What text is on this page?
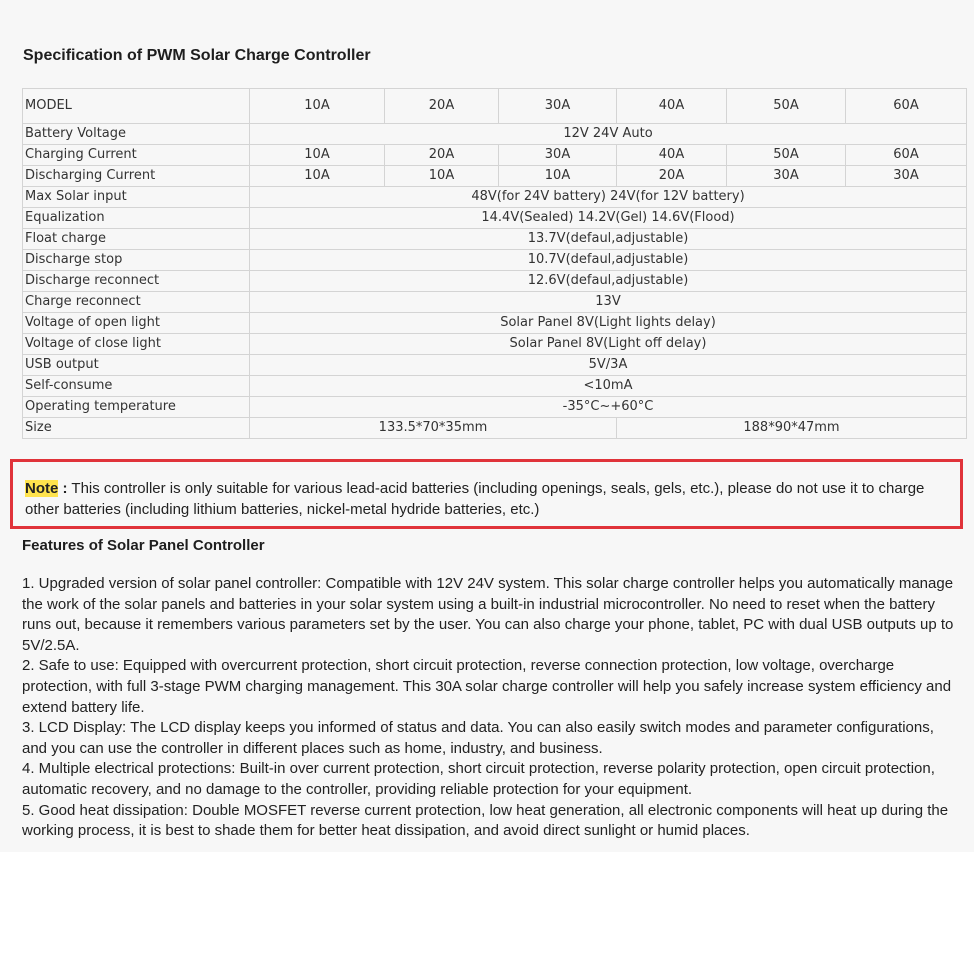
Specification of PWM Solar Charge Controller
MODEL	10A	20A	30A	40A	50A	60A
Battery Voltage	12V 24V Auto					
Charging Current	10A	20A	30A	40A	50A	60A
Discharging Current	10A	10A	10A	20A	30A	30A
Max Solar input	48V(for 24V battery) 24V(for 12V battery)					
Equalization	14.4V(Sealed) 14.2V(Gel) 14.6V(Flood)					
Float charge	13.7V(defaul,adjustable)					
Discharge stop	10.7V(defaul,adjustable)					
Discharge reconnect	12.6V(defaul,adjustable)					
Charge reconnect	13V					
Voltage of open light	Solar Panel 8V(Light lights delay)					
Voltage of close light	Solar Panel 8V(Light off delay)					
USB output	5V/3A					
Self-consume	<10mA					
Operating temperature	-35°C~+60°C					
Size	133.5*70*35mm			188*90*47mm		
Note : This controller is only suitable for various lead-acid batteries (including openings, seals, gels, etc.), please do not use it to charge other batteries (including lithium batteries, nickel-metal hydride batteries, etc.)
Features of Solar Panel Controller

1. Upgraded version of solar panel controller: Compatible with 12V 24V system. This solar charge controller helps you automatically manage the work of the solar panels and batteries in your solar system using a built-in industrial microcontroller. No need to reset when the battery runs out, because it remembers various parameters set by the user. You can also charge your phone, tablet, PC with dual USB outputs up to 5V/2.5A.

2. Safe to use: Equipped with overcurrent protection, short circuit protection, reverse connection protection, low voltage, overcharge protection, with full 3-stage PWM charging management. This 30A solar charge controller will help you safely increase system efficiency and extend battery life.

3. LCD Display: The LCD display keeps you informed of status and data. You can also easily switch modes and parameter configurations, and you can use the controller in different places such as home, industry, and business.

4. Multiple electrical protections: Built-in over current protection, short circuit protection, reverse polarity protection, open circuit protection, automatic recovery, and no damage to the controller, providing reliable protection for your equipment.

5. Good heat dissipation: Double MOSFET reverse current protection, low heat generation, all electronic components will heat up during the working process, it is best to shade them for better heat dissipation, and avoid direct sunlight or humid places.
